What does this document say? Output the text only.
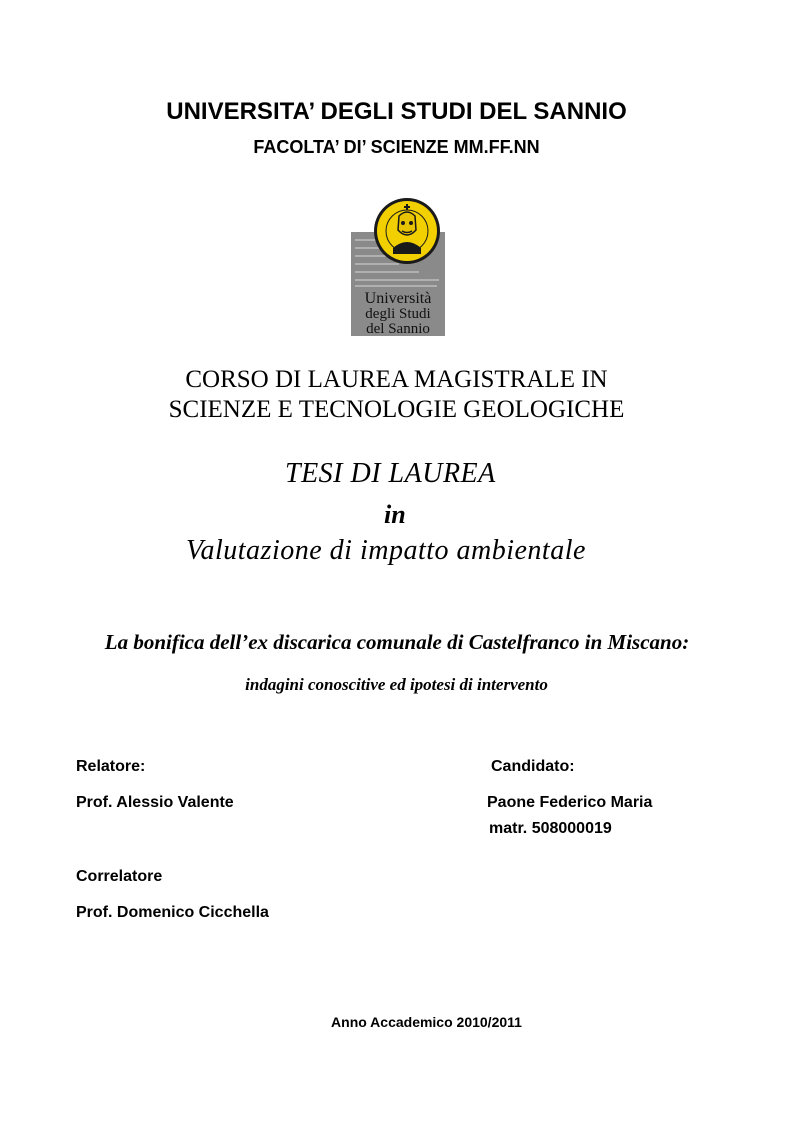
UNIVERSITA’ DEGLI STUDI DEL SANNIO
FACOLTA’ DI’ SCIENZE MM.FF.NN
Università
degli Studi
del Sannio
CORSO DI LAUREA MAGISTRALE IN
SCIENZE E TECNOLOGIE GEOLOGICHE
TESI DI LAUREA
in
Valutazione di impatto ambientale
La bonifica dell’ex discarica comunale di Castelfranco in Miscano:
indagini conoscitive ed ipotesi di intervento
Relatore:
Prof. Alessio Valente
Candidato:
Paone Federico Maria
matr. 508000019
Correlatore
Prof. Domenico Cicchella
Anno Accademico 2010/2011
